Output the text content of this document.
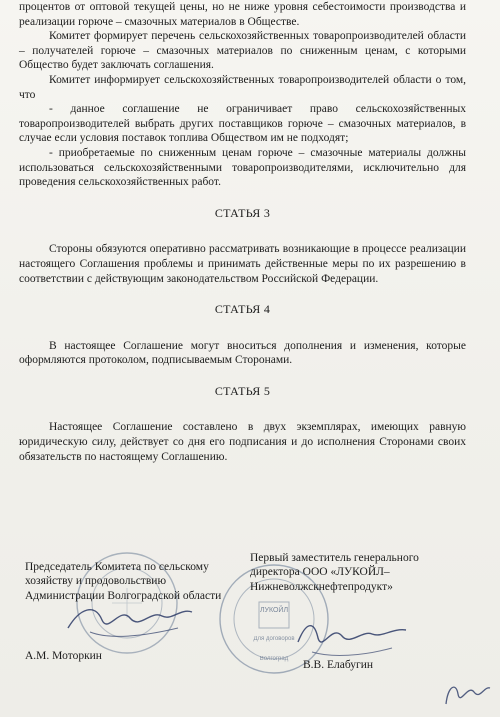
процентов от оптовой текущей цены, но не ниже уровня себестоимости производства и реализации горюче – смазочных материалов в Обществе.

Комитет формирует перечень сельскохозяйственных товаропроизводителей области – получателей горюче – смазочных материалов по сниженным ценам, с которыми Общество будет заключать соглашения.

Комитет информирует сельскохозяйственных товаропроизводителей области о том, что

- данное соглашение не ограничивает право сельскохозяйственных товаропроизводителей выбрать других поставщиков горюче – смазочных материалов, в случае если условия поставок топлива Обществом им не подходят;

- приобретаемые по сниженным ценам горюче – смазочные материалы должны использоваться сельскохозяйственными товаропроизводителями, исключительно для проведения сельскохозяйственных работ.

СТАТЬЯ 3

Стороны обязуются оперативно рассматривать возникающие в процессе реализации настоящего Соглашения проблемы и принимать действенные меры по их разрешению в соответствии с действующим законодательством Российской Федерации.

СТАТЬЯ 4

В настоящее Соглашение могут вноситься дополнения и изменения, которые оформляются протоколом, подписываемым Сторонами.

СТАТЬЯ 5

Настоящее Соглашение составлено в двух экземплярах, имеющих равную юридическую силу, действует со дня его подписания и до исполнения Сторонами своих обязательств по настоящему Соглашению.

Председатель Комитета по сельскому хозяйству и продовольствию Администрации Волгоградской области
А.М. Моторкин
ЛУКОЙЛ
Для договоров
Волгоград
Первый заместитель генерального директора ООО «ЛУКОЙЛ–Нижневолжскнефтепродукт»
В.В. Елабугин
